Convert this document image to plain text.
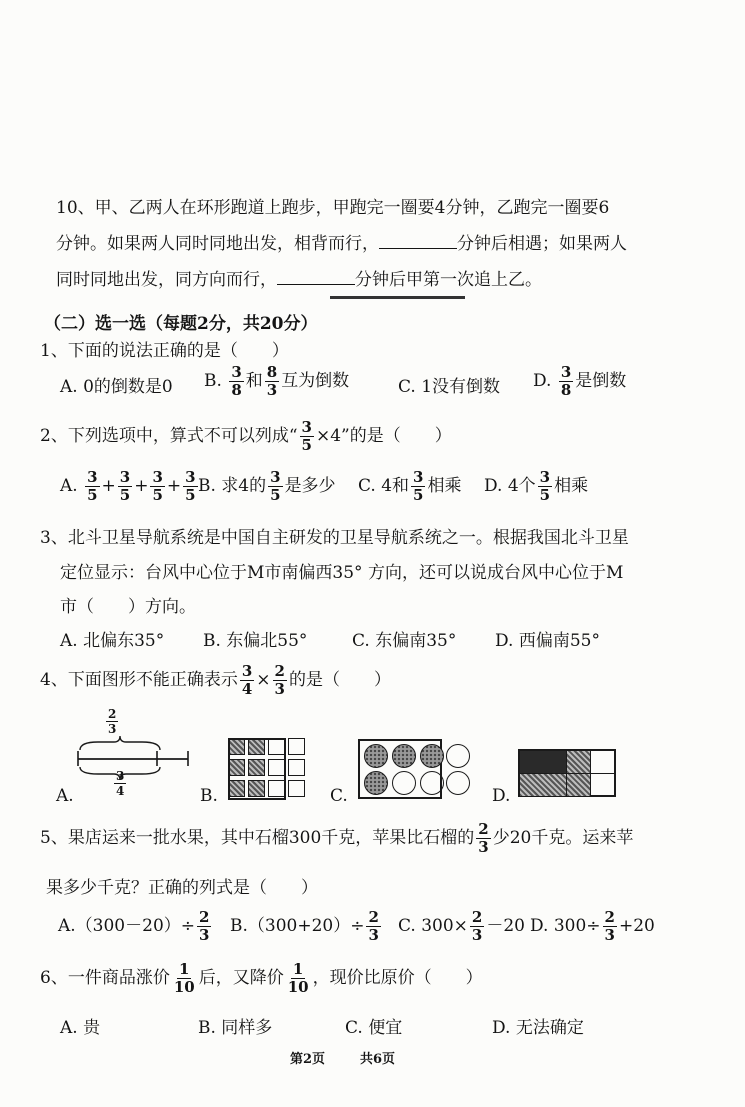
10、甲、乙两人在环形跑道上跑步，甲跑完一圈要4分钟，乙跑完一圈要6
分钟。如果两人同时同地出发，相背而行，	分钟后相遇；如果两人
同时同地出发，同方向而行，	分钟后甲第一次追上乙。
（二）选一选（每题2分，共20分）
1、下面的说法正确的是（　　）
A. 0的倒数是0 B. $\frac{3}{8}$ 和 $\frac{8}{3}$ 互为倒数	C. 1没有倒数 D. $\frac{3}{8}$ 是倒数
2、下列选项中，算式不可以列成“ $\frac{3}{5} \times 4$”的是（　　）
A. $\frac{3}{5} + \frac{3}{5} + \frac{3}{5} + \frac{3}{5} B$. 求4的 $\frac{3}{5}$ 是多少 C. 4和 $\frac{3}{5}$ 相乘 D. 4个 $\frac{3}{5}$ 相乘
3、北斗卫星导航系统是中国自主研发的卫星导航系统之一。根据我国北斗卫星
定位显示：台风中心位于M市南偏西35° 方向，还可以说成台风中心位于M
市（　　）方向。
A. 北偏东35° B. 东偏北55°	C. 东偏南35° D. 西偏南55°
4、下面图形不能正确表示 $\frac{3}{4} \times \frac{2}{3}$ 的是（　　）
$\frac{2}{3}$
$\frac{3}{4}$
A.	B.	C.	D.
5、果店运来一批水果，其中石榴300千克，苹果比石榴的 $\frac{2}{3}$ 少20千克。运来苹
果多少千克？正确的列式是（　　）
$A.(300-20)\div \frac{2}{3} B.(300+20)\div \frac{2}{3} C$. $300\times \frac{2}{3} -20$ D. $300\div \frac{2}{3} +20$
6、一件商品涨价 $\frac{1}{10}$ 后，又降价 $\frac{1}{10}$ ，现价比原价（　　）
A. 贵	B. 同样多	C. 便宜	D. 无法确定
第2页	共6页
